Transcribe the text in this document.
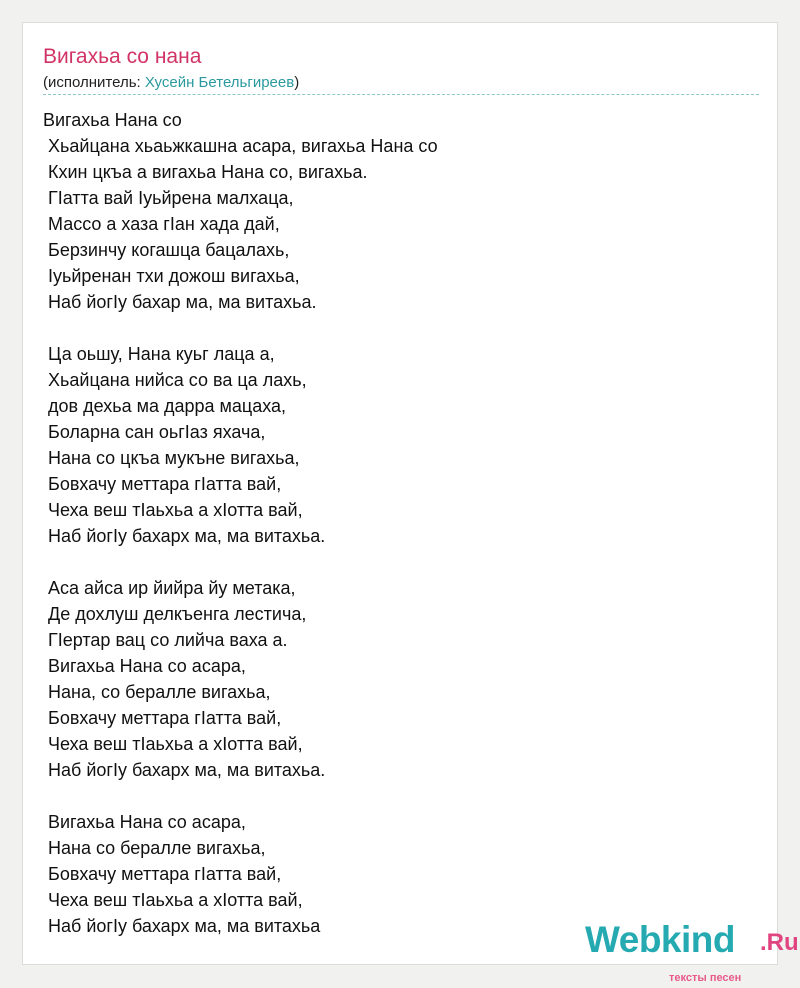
Вигахьа со нана
(исполнитель: Хусейн Бетельгиреев)
Вигахьа Нана со
Хьайцана хьаьжкашна асара, вигахьа Нана со
Кхин цкъа а вигахьа Нана со, вигахьа.
ГӀатта вай Ӏуьйрена малхаца,
Массо а хаза гӀан хада дай,
Берзинчу когашца бацалахь,
Ӏуьйренан тхи дожош вигахьа,
Наб йогӀу бахар ма, ма витахьа.
Ца оьшу, Нана куьг лаца а,
Хьайцана нийса со ва ца лахь,
дов дехьа ма дарра мацаха,
Боларна сан оьгӀаз яхача,
Нана со цкъа мукъне вигахьа,
Бовхачу меттара гӀатта вай,
Чеха веш тӀаьхьа а хӀотта вай,
Наб йогӀу бахарх ма, ма витахьа.
Аса айса ир йийра йу метака,
Де дохлуш делкъенга лестича,
ГӀертар вац со лийча ваха а.
Вигахьа Нана со асара,
Нана, со бералле вигахьа,
Бовхачу меттара гӀатта вай,
Чеха веш тӀаьхьа а хӀотта вай,
Наб йогӀу бахарх ма, ма витахьа.
Вигахьа Нана со асара,
Нана со бералле вигахьа,
Бовхачу меттара гӀатта вай,
Чеха веш тӀаьхьа а хӀотта вай,
Наб йогӀу бахарх ма, ма витахьа	Webkind .Ru
тексты песен
